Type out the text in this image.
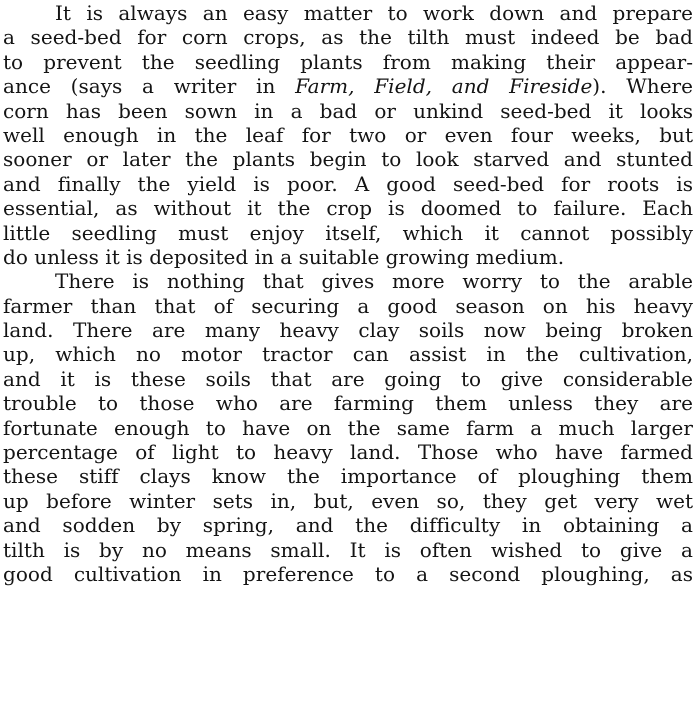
It is always an easy matter to work down and prepare
a seed-bed for corn crops, as the tilth must indeed be bad
to prevent the seedling plants from making their appear-
ance (says a writer in Farm, Field, and Fireside). Where
corn has been sown in a bad or unkind seed-bed it looks
well enough in the leaf for two or even four weeks, but
sooner or later the plants begin to look starved and stunted
and finally the yield is poor. A good seed-bed for roots is
essential, as without it the crop is doomed to failure. Each
little seedling must enjoy itself, which it cannot possibly
do unless it is deposited in a suitable growing medium.
There is nothing that gives more worry to the arable
farmer than that of securing a good season on his heavy
land. There are many heavy clay soils now being broken
up, which no motor tractor can assist in the cultivation,
and it is these soils that are going to give considerable
trouble to those who are farming them unless they are
fortunate enough to have on the same farm a much larger
percentage of light to heavy land. Those who have farmed
these stiff clays know the importance of ploughing them
up before winter sets in, but, even so, they get very wet
and sodden by spring, and the difficulty in obtaining a
tilth is by no means small. It is often wished to give a
good cultivation in preference to a second ploughing, as
